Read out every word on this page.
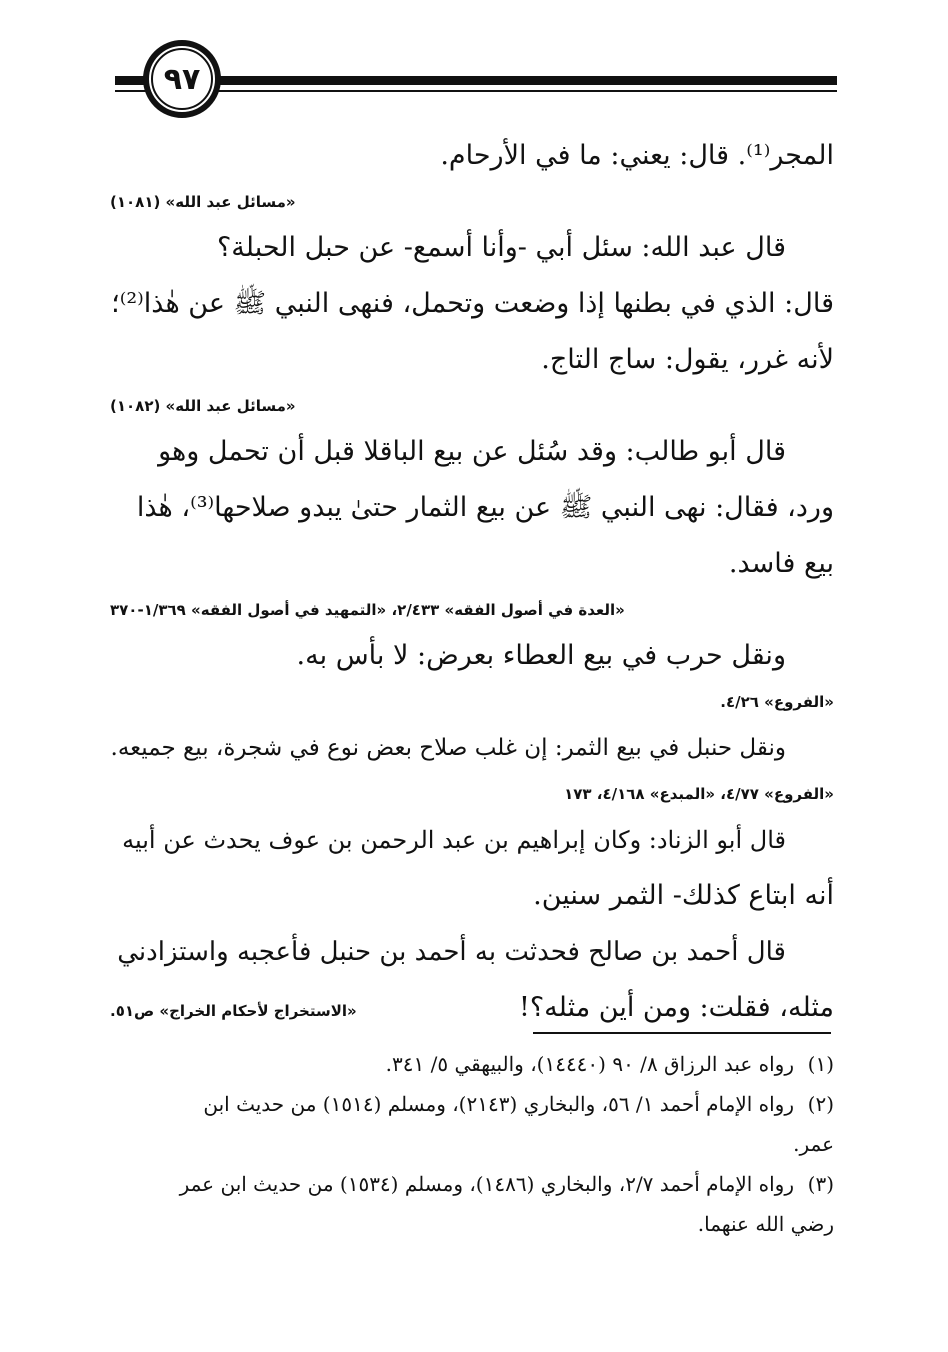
٩٧
المجر⁽¹⁾. قال: يعني: ما في الأرحام.
«مسائل عبد الله» (١٠٨١)
قال عبد الله: سئل أبي -وأنا أسمع- عن حبل الحبلة؟
قال: الذي في بطنها إذا وضعت وتحمل، فنهى النبي ﷺ عن هٰذا⁽²⁾؛
لأنه غرر، يقول: ساج التاج.
«مسائل عبد الله» (١٠٨٢)
قال أبو طالب: وقد سُئل عن بيع الباقلا قبل أن تحمل وهو
ورد، فقال: نهى النبي ﷺ عن بيع الثمار حتىٰ يبدو صلاحها⁽³⁾، هٰذا
بيع فاسد.
«العدة في أصول الفقه» ٢/٤٣٣، «التمهيد في أصول الفقه» ١/٣٦٩-٣٧٠
ونقل حرب في بيع العطاء بعرض: لا بأس به.
«الفروع» ٤/٢٦.
ونقل حنبل في بيع الثمر: إن غلب صلاح بعض نوع في شجرة، بيع جميعه.
«الفروع» ٤/٧٧، «المبدع» ٤/١٦٨، ١٧٣
قال أبو الزناد: وكان إبراهيم بن عبد الرحمن بن عوف يحدث عن أبيه
أنه ابتاع كذلك- الثمر سنين.
قال أحمد بن صالح فحدثت به أحمد بن حنبل فأعجبه واستزادني
مثله، فقلت: ومن أين مثله؟!
«الاستخراج لأحكام الخراج» ص٥١.
(١)رواه عبد الرزاق ٨/ ٩٠ (١٤٤٤٠)، والبيهقي ٥/ ٣٤١.
(٢)رواه الإمام أحمد ١/ ٥٦، والبخاري (٢١٤٣)، ومسلم (١٥١٤) من حديث ابن
عمر.
(٣)رواه الإمام أحمد ٢/٧، والبخاري (١٤٨٦)، ومسلم (١٥٣٤) من حديث ابن عمر
رضي الله عنهما.
